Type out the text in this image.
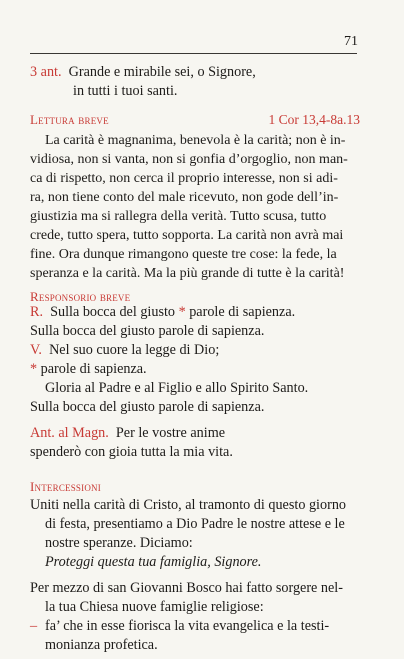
71

3 ant. Grande e mirabile sei, o Signore,

in tutti i tuoi santi.

Lettura breve	1 Cor 13,4-8a.13

La carità è magnanima, benevola è la carità; non è in-

vidiosa, non si vanta, non si gonfia d’orgoglio, non man-

ca di rispetto, non cerca il proprio interesse, non si adi-

ra, non tiene conto del male ricevuto, non gode dell’in-

giustizia ma si rallegra della verità. Tutto scusa, tutto

crede, tutto spera, tutto sopporta. La carità non avrà mai

fine. Ora dunque rimangono queste tre cose: la fede, la

speranza e la carità. Ma la più grande di tutte è la carità!

Responsorio breve

R. Sulla bocca del giusto * parole di sapienza.

Sulla bocca del giusto parole di sapienza.

V. Nel suo cuore la legge di Dio;

* parole di sapienza.

Gloria al Padre e al Figlio e allo Spirito Santo.

Sulla bocca del giusto parole di sapienza.

Ant. al Magn. Per le vostre anime

spenderò con gioia tutta la mia vita.

Intercessioni

Uniti nella carità di Cristo, al tramonto di questo giorno

di festa, presentiamo a Dio Padre le nostre attese e le

nostre speranze. Diciamo:

Proteggi questa tua famiglia, Signore.

Per mezzo di san Giovanni Bosco hai fatto sorgere nel-

la tua Chiesa nuove famiglie religiose:

– fa’ che in esse fiorisca la vita evangelica e la testi-

monianza profetica.
